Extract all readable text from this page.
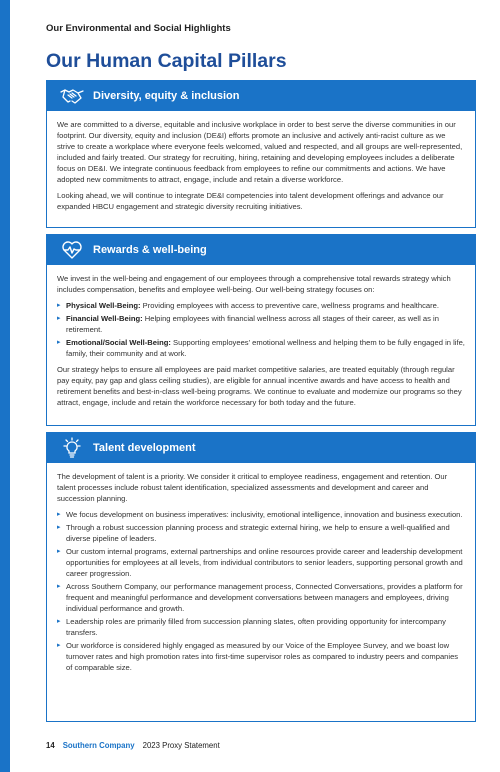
Our Environmental and Social Highlights
Our Human Capital Pillars
Diversity, equity & inclusion

We are committed to a diverse, equitable and inclusive workplace in order to best serve the diverse communities in our footprint. Our diversity, equity and inclusion (DE&I) efforts promote an inclusive and actively anti-racist culture as we strive to create a workplace where everyone feels welcomed, valued and respected, and all groups are well-represented, included and fairly treated. Our strategy for recruiting, hiring, retaining and developing employees includes a deliberate focus on DE&I. We integrate continuous feedback from employees to refine our commitments and actions. We have adopted new commitments to attract, engage, include and retain a diverse workforce.

Looking ahead, we will continue to integrate DE&I competencies into talent development offerings and advance our expanded HBCU engagement and strategic diversity recruiting initiatives.

Rewards & well-being

We invest in the well-being and engagement of our employees through a comprehensive total rewards strategy which includes compensation, benefits and employee well-being. Our well-being strategy focuses on:

▸ Physical Well-Being: Providing employees with access to preventive care, wellness programs and healthcare.
▸ Financial Well-Being: Helping employees with financial wellness across all stages of their career, as well as in retirement.
▸ Emotional/Social Well-Being: Supporting employees' emotional wellness and helping them to be fully engaged in life, family, their community and at work.

Our strategy helps to ensure all employees are paid market competitive salaries, are treated equitably (through regular pay equity, pay gap and glass ceiling studies), are eligible for annual incentive awards and have access to health and retirement benefits and best-in-class well-being programs. We continue to evaluate and modernize our programs so they attract, engage, include and retain the workforce necessary for both today and the future.

Talent development

The development of talent is a priority. We consider it critical to employee readiness, engagement and retention. Our talent processes include robust talent identification, specialized assessments and development and career and succession planning.

▸ We focus development on business imperatives: inclusivity, emotional intelligence, innovation and business execution.
▸ Through a robust succession planning process and strategic external hiring, we help to ensure a well-qualified and diverse pipeline of leaders.
▸ Our custom internal programs, external partnerships and online resources provide career and leadership development opportunities for employees at all levels, from individual contributors to senior leaders, supporting personal growth and career progression.
▸ Across Southern Company, our performance management process, Connected Conversations, provides a platform for frequent and meaningful performance and development conversations between managers and employees, driving individual performance and growth.
▸ Leadership roles are primarily filled from succession planning slates, often providing opportunity for intercompany transfers.
▸ Our workforce is considered highly engaged as measured by our Voice of the Employee Survey, and we boast low turnover rates and high promotion rates into first-time supervisor roles as compared to industry peers and companies of comparable size.
14 Southern Company 2023 Proxy Statement
